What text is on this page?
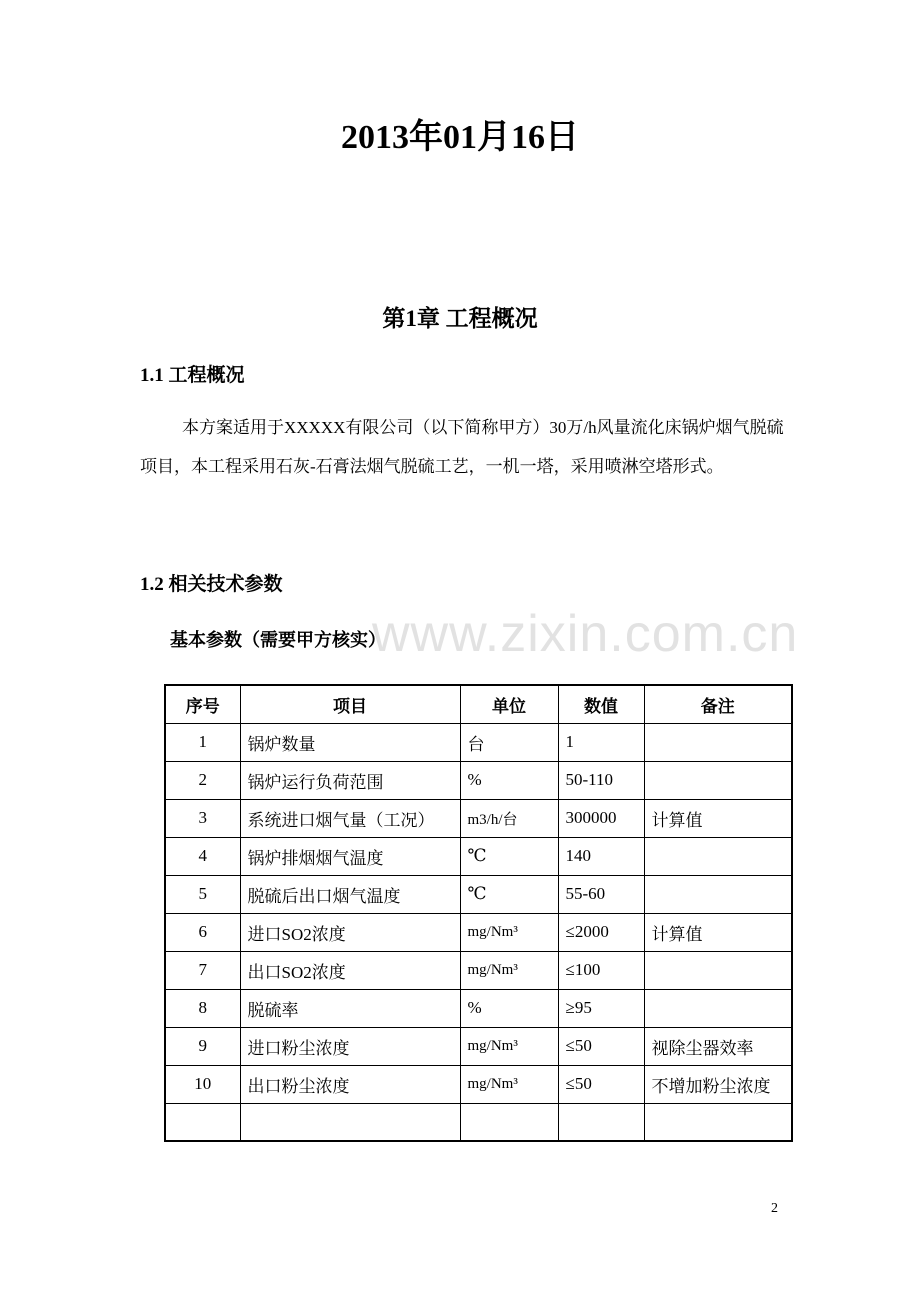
2013年01月16日
第1章 工程概况
1.1 工程概况
本方案适用于XXXXX有限公司（以下简称甲方）30万/h风量流化床锅炉烟气脱硫项目，本工程采用石灰-石膏法烟气脱硫工艺，一机一塔，采用喷淋空塔形式。
1.2 相关技术参数
www.zixin.com.cn
基本参数（需要甲方核实）
序号	项目	单位	数值	备注
1	锅炉数量	台	1	
2	锅炉运行负荷范围	%	50-110	
3	系统进口烟气量（工况）	m3/h/台	300000	计算值
4	锅炉排烟烟气温度	℃	140	
5	脱硫后出口烟气温度	℃	55-60	
6	进口SO2浓度	mg/Nm³	≤2000	计算值
7	出口SO2浓度	mg/Nm³	≤100	
8	脱硫率	%	≥95	
9	进口粉尘浓度	mg/Nm³	≤50	视除尘器效率
10	出口粉尘浓度	mg/Nm³	≤50	不增加粉尘浓度

2
